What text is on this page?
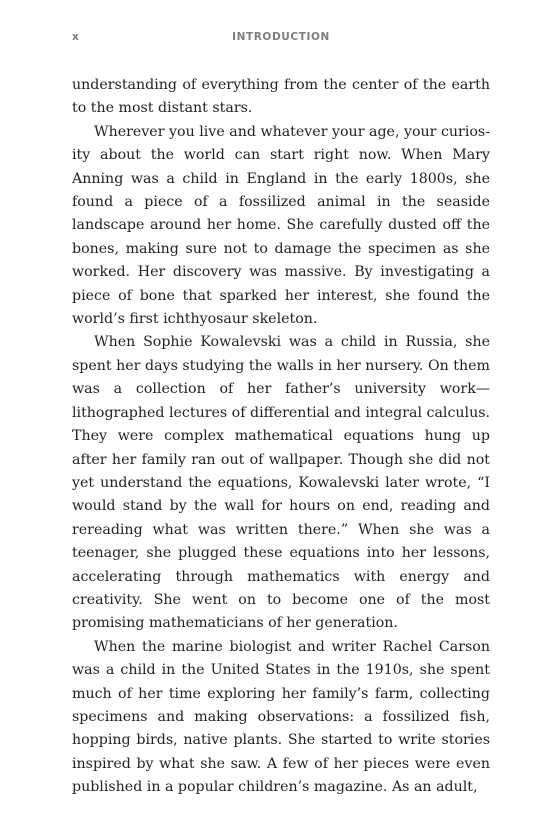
x	INTRODUCTION

understanding of everything from the center of the earth to the most distant stars.

Wherever you live and whatever your age, your curiosity about the world can start right now. When Mary Anning was a child in England in the early 1800s, she found a piece of a fossilized animal in the seaside landscape around her home. She carefully dusted off the bones, making sure not to damage the specimen as she worked. Her discovery was massive. By investigating a piece of bone that sparked her interest, she found the world’s first ichthyosaur skeleton.

When Sophie Kowalevski was a child in Russia, she spent her days studying the walls in her nursery. On them was a collection of her father’s university work—lithographed lectures of differential and integral calculus. They were complex mathematical equations hung up after her family ran out of wallpaper. Though she did not yet understand the equations, Kowalevski later wrote, “I would stand by the wall for hours on end, reading and rereading what was written there.” When she was a teenager, she plugged these equations into her lessons, accelerating through mathematics with energy and creativity. She went on to become one of the most promising mathematicians of her generation.

When the marine biologist and writer Rachel Carson was a child in the United States in the 1910s, she spent much of her time exploring her family’s farm, collecting specimens and making observations: a fossilized fish, hopping birds, native plants. She started to write stories inspired by what she saw. A few of her pieces were even published in a popular children’s magazine. As an adult,
